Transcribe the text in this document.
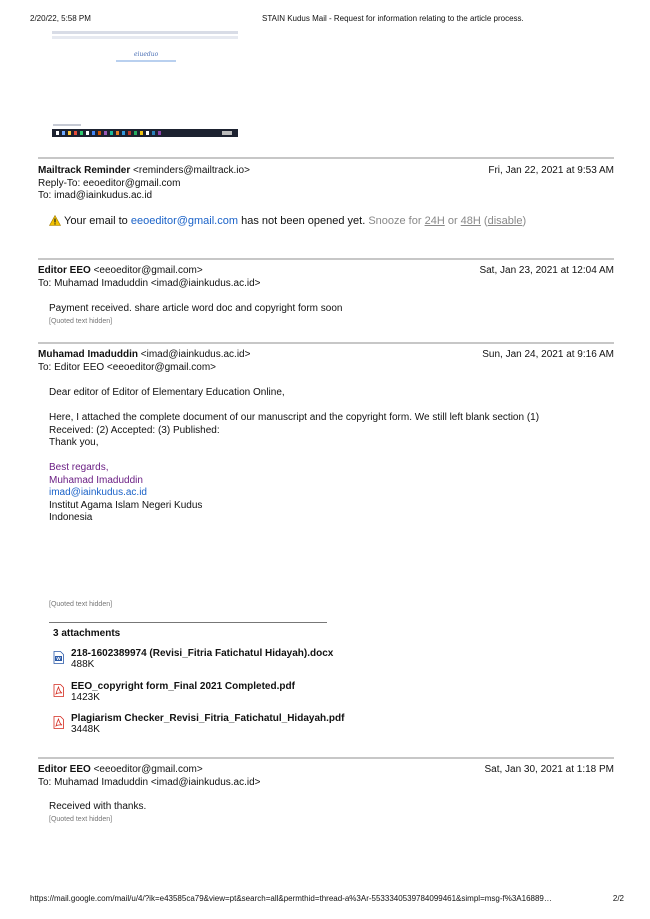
2/20/22, 5:58 PM	STAIN Kudus Mail - Request for information relating to the article process.
eiueduo
Mailtrack Reminder <reminders@mailtrack.io>
Reply-To: eeoeditor@gmail.com
To: imad@iainkudus.ac.id
Fri, Jan 22, 2021 at 9:53 AM
Your email to eeoeditor@gmail.com has not been opened yet. Snooze for 24H or 48H (disable)
Editor EEO <eeoeditor@gmail.com>
To: Muhamad Imaduddin <imad@iainkudus.ac.id>
Sat, Jan 23, 2021 at 12:04 AM
Payment received. share article word doc and copyright form soon
[Quoted text hidden]
Muhamad Imaduddin <imad@iainkudus.ac.id>
To: Editor EEO <eeoeditor@gmail.com>
Sun, Jan 24, 2021 at 9:16 AM
Dear editor of Editor of Elementary Education Online,
Here, I attached the complete document of our manuscript and the copyright form. We still left blank section (1)
Received: (2) Accepted: (3) Published:
Thank you,
Best regards,
Muhamad Imaduddin
imad@iainkudus.ac.id
Institut Agama Islam Negeri Kudus
Indonesia
[Quoted text hidden]
3 attachments
W 218-1602389974 (Revisi_Fitria Fatichatul Hidayah).docx
488K
EEO_copyright form_Final 2021 Completed.pdf
1423K
Plagiarism Checker_Revisi_Fitria_Fatichatul_Hidayah.pdf
3448K
Editor EEO <eeoeditor@gmail.com>
To: Muhamad Imaduddin <imad@iainkudus.ac.id>
Sat, Jan 30, 2021 at 1:18 PM
Received with thanks.
[Quoted text hidden]
https://mail.google.com/mail/u/4/?ik=e43585ca79&view=pt&search=all&permthid=thread-a%3Ar-5533340539784099461&simpl=msg-f%3A16889…	2/2
